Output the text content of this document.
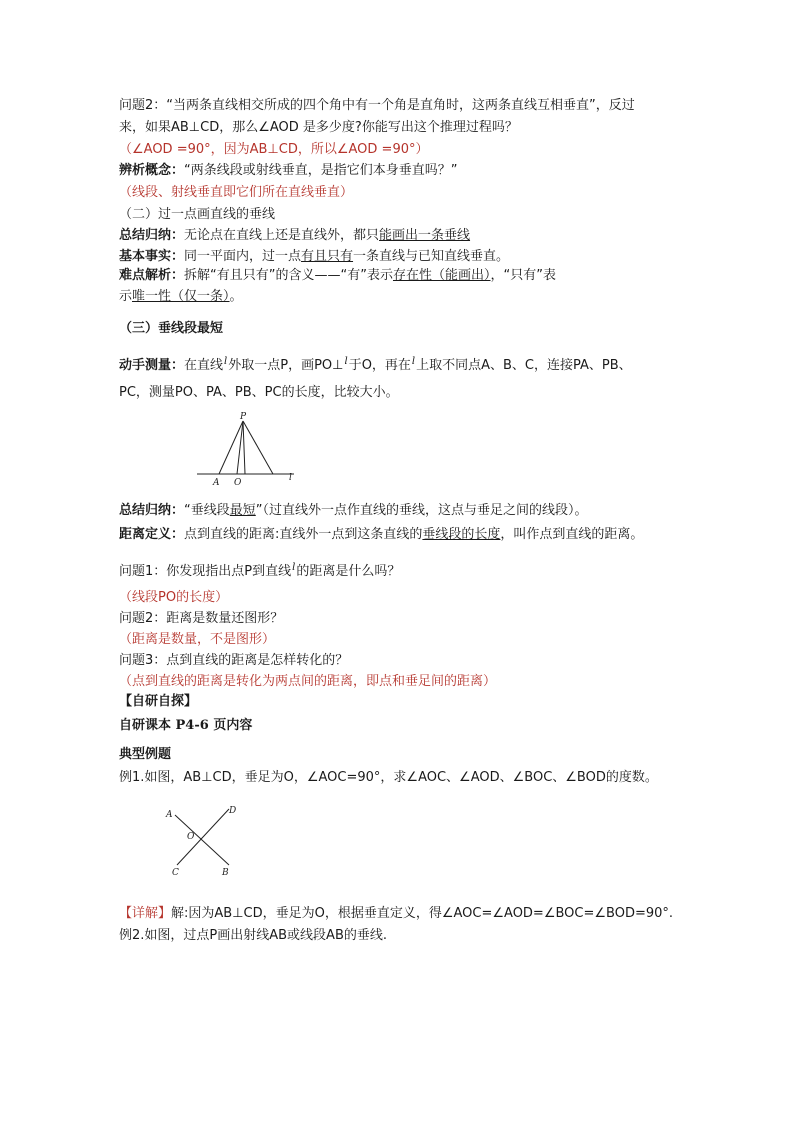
问题2：“当两条直线相交所成的四个角中有一个角是直角时，这两条直线互相垂直”，反过
来，如果AB⊥CD，那么∠AOD 是多少度?你能写出这个推理过程吗？
（∠AOD =90°，因为AB⊥CD，所以∠AOD =90°）
辨析概念：“两条线段或射线垂直，是指它们本身垂直吗？”
（线段、射线垂直即它们所在直线垂直）
（二）过一点画直线的垂线
总结归纳：无论点在直线上还是直线外，都只能画出一条垂线
基本事实：同一平面内，过一点有且只有一条直线与已知直线垂直。
难点解析：拆解“有且只有”的含义——“有”表示存在性（能画出），“只有”表
示唯一性（仅一条）。
（三）垂线段最短
动手测量：在直线$^l$外取一点P，画PO⊥$^l$于O，再在$^l$上取不同点A、B、C，连接PA、PB、
PC，测量PO、PA、PB、PC的长度，比较大小。
P
A O	l
总结归纳：“垂线段最短”（过直线外一点作直线的垂线，这点与垂足之间的线段）。
距离定义：点到直线的距离:直线外一点到这条直线的垂线段的长度，叫作点到直线的距离。
问题1：你发现指出点P到直线$^l$的距离是什么吗？
（线段PO的长度）
问题2：距离是数量还图形？
（距离是数量，不是图形）
问题3：点到直线的距离是怎样转化的？
（点到直线的距离是转化为两点间的距离，即点和垂足间的距离）
【自研自探】
自研课本 P4-6 页内容
典型例题
例1.如图，AB⊥CD，垂足为O，∠AOC=90°，求∠AOC、∠AOD、∠BOC、∠BOD的度数。
A	D
O
C	B
【详解】解:因为AB⊥CD，垂足为O，根据垂直定义，得∠AOC=∠AOD=∠BOC=∠BOD=90°.
例2.如图，过点P画出射线AB或线段AB的垂线.
